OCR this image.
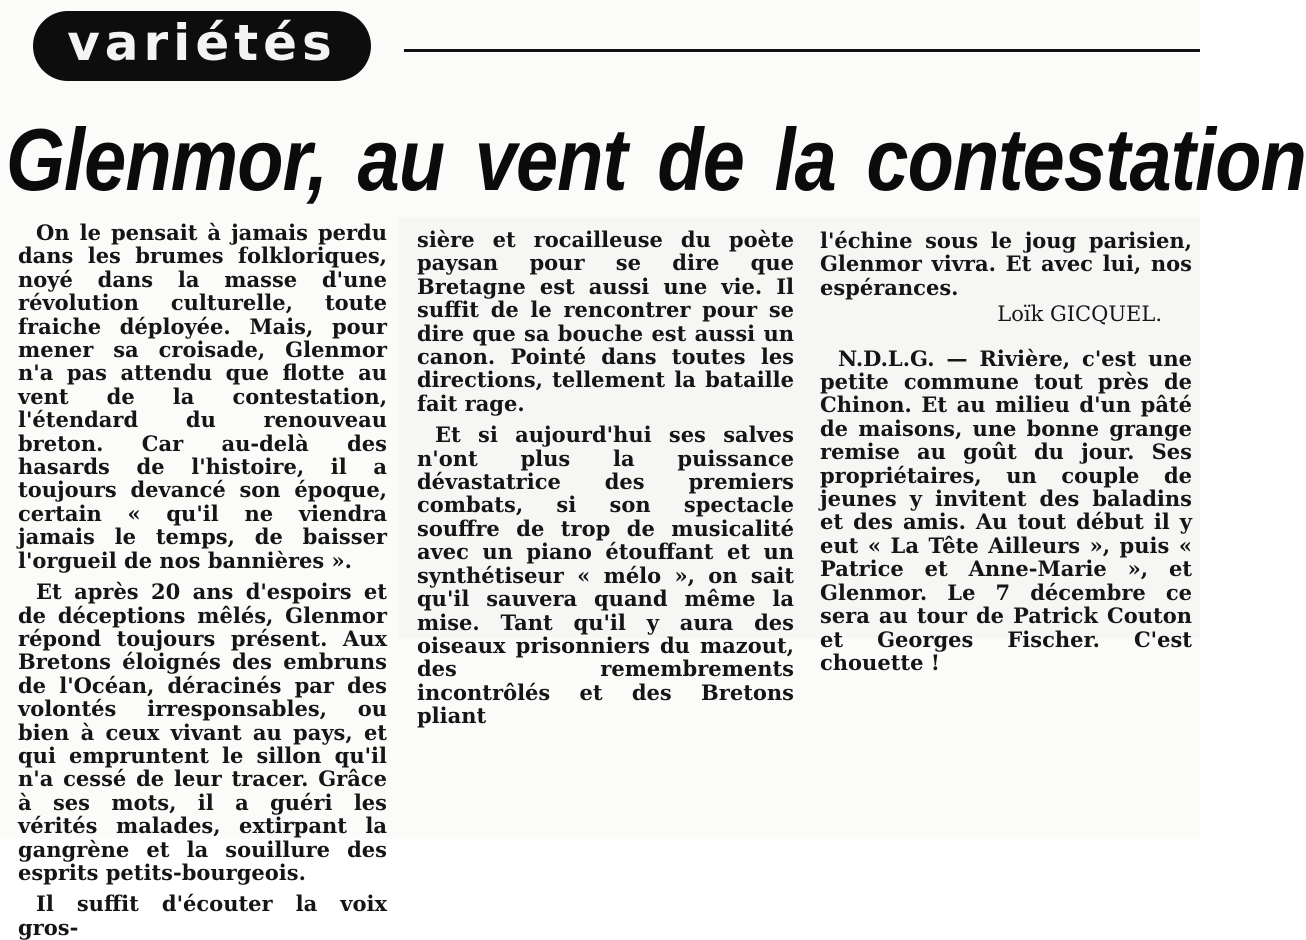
variétés
Glenmor, au vent de la contestation

On le pensait à jamais perdu dans les brumes folkloriques, noyé dans la masse d'une révolution culturelle, toute fraiche déployée. Mais, pour mener sa croisade, Glenmor n'a pas attendu que flotte au vent de la contestation, l'étendard du renouveau breton. Car au-delà des hasards de l'histoire, il a toujours devancé son époque, certain « qu'il ne viendra jamais le temps, de baisser l'orgueil de nos bannières ».

Et après 20 ans d'espoirs et de déceptions mêlés, Glenmor répond toujours présent. Aux Bretons éloignés des embruns de l'Océan, déracinés par des volontés irresponsables, ou bien à ceux vivant au pays, et qui empruntent le sillon qu'il n'a cessé de leur tracer. Grâce à ses mots, il a guéri les vérités malades, extirpant la gangrène et la souillure des esprits petits-bourgeois.

Il suffit d'écouter la voix gros-

sière et rocailleuse du poète paysan pour se dire que Bretagne est aussi une vie. Il suffit de le rencontrer pour se dire que sa bouche est aussi un canon. Pointé dans toutes les directions, tellement la bataille fait rage.

Et si aujourd'hui ses salves n'ont plus la puissance dévastatrice des premiers combats, si son spectacle souffre de trop de musicalité avec un piano étouffant et un synthétiseur « mélo », on sait qu'il sauvera quand même la mise. Tant qu'il y aura des oiseaux prisonniers du mazout, des remembrements incontrôlés et des Bretons pliant

l'échine sous le joug parisien, Glenmor vivra. Et avec lui, nos espérances.

Loïk GICQUEL.

N.D.L.G. — Rivière, c'est une petite commune tout près de Chinon. Et au milieu d'un pâté de maisons, une bonne grange remise au goût du jour. Ses propriétaires, un couple de jeunes y invitent des baladins et des amis. Au tout début il y eut « La Tête Ailleurs », puis « Patrice et Anne-Marie », et Glenmor. Le 7 décembre ce sera au tour de Patrick Couton et Georges Fischer. C'est chouette !
